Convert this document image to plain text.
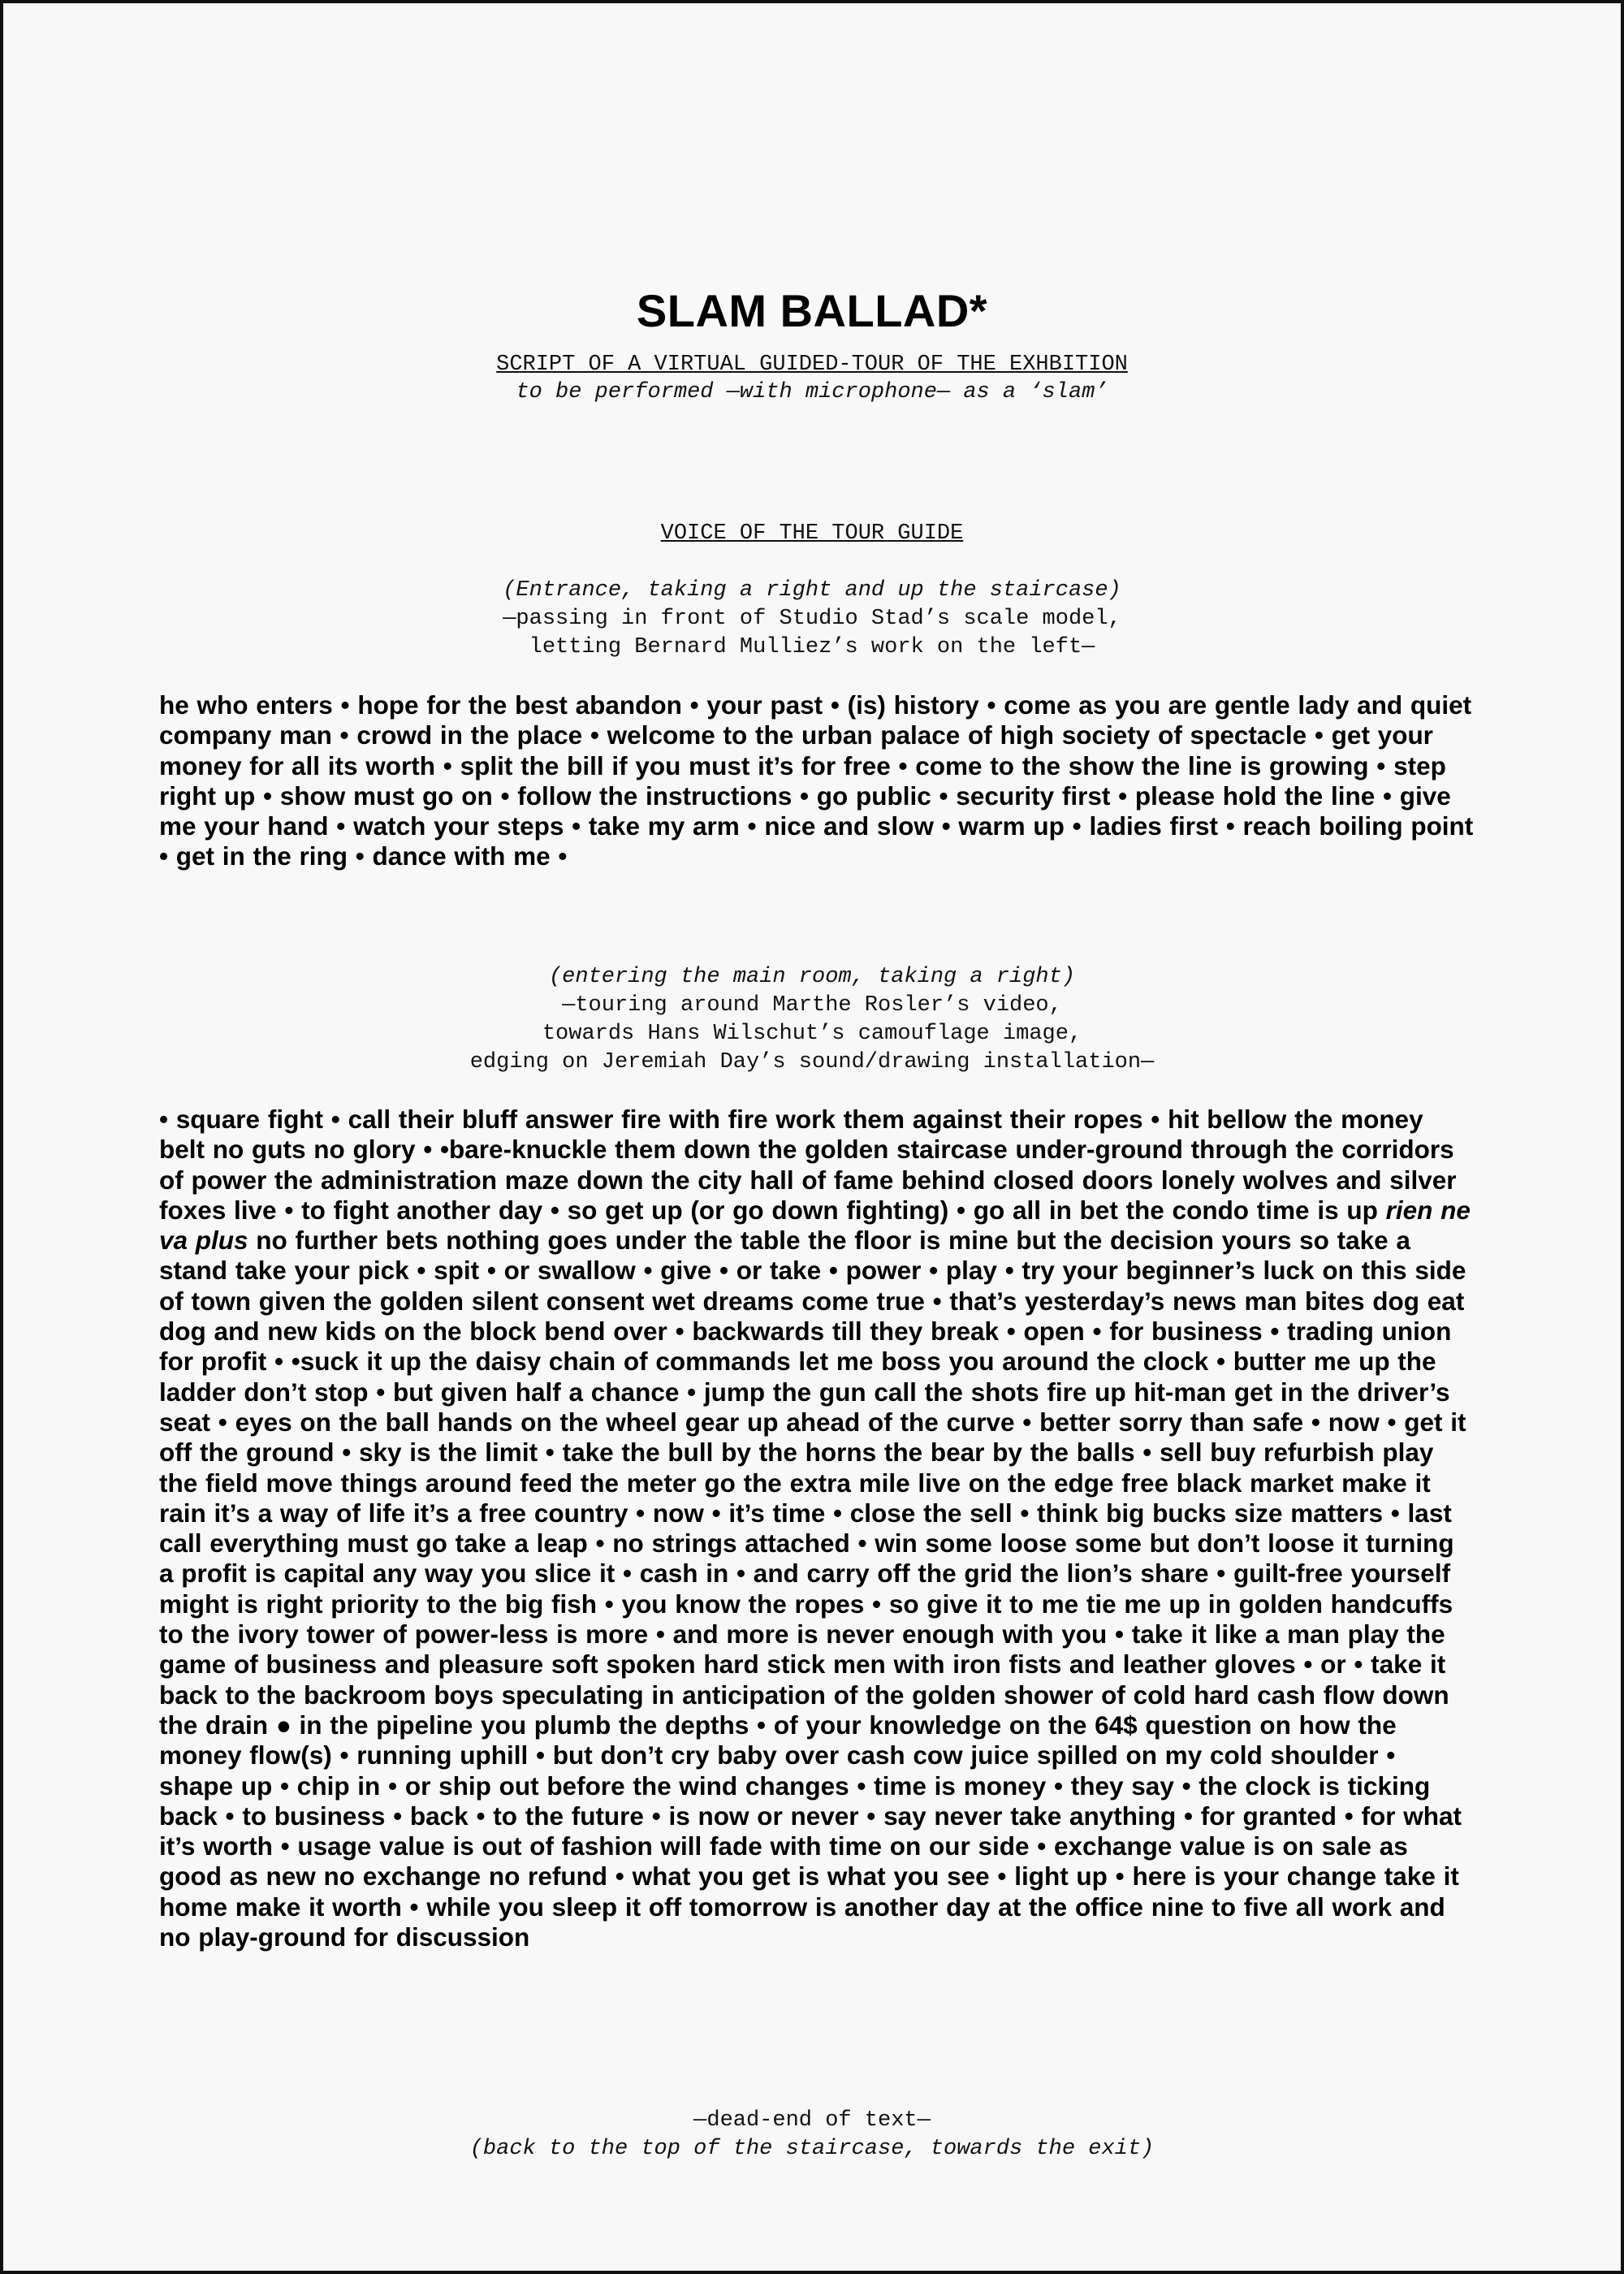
SLAM BALLAD*
SCRIPT OF A VIRTUAL GUIDED-TOUR OF THE EXHBITION
to be performed —with microphone— as a ‘slam’
VOICE OF THE TOUR GUIDE
(Entrance, taking a right and up the staircase)
—passing in front of Studio Stad’s scale model,
letting Bernard Mulliez’s work on the left—
he who enters • hope for the best abandon • your past • (is) history • come as you are gentle lady and quiet company man • crowd in the place • welcome to the urban palace of high society of spectacle • get your money for all its worth • split the bill if you must it’s for free • come to the show the line is growing • step right up • show must go on • follow the instructions • go public • security first • please hold the line • give me your hand • watch your steps • take my arm • nice and slow • warm up • ladies first • reach boiling point • get in the ring • dance with me •
(entering the main room, taking a right)
—touring around Marthe Rosler’s video,
towards Hans Wilschut’s camouflage image,
edging on Jeremiah Day’s sound/drawing installation—
• square fight • call their bluff answer fire with fire work them against their ropes • hit bellow the money belt no guts no glory • •bare-knuckle them down the golden staircase under-ground through the corridors of power the administration maze down the city hall of fame behind closed doors lonely wolves and silver foxes live • to fight another day • so get up (or go down fighting) • go all in bet the condo time is up rien ne va plus no further bets nothing goes under the table the floor is mine but the decision yours so take a stand take your pick • spit • or swallow • give • or take • power • play • try your beginner’s luck on this side of town given the golden silent consent wet dreams come true • that’s yesterday’s news man bites dog eat dog and new kids on the block bend over • backwards till they break • open • for business • trading union for profit • •suck it up the daisy chain of commands let me boss you around the clock • butter me up the ladder don’t stop • but given half a chance • jump the gun call the shots fire up hit-man get in the driver’s seat • eyes on the ball hands on the wheel gear up ahead of the curve • better sorry than safe • now • get it off the ground • sky is the limit • take the bull by the horns the bear by the balls • sell buy refurbish play the field move things around feed the meter go the extra mile live on the edge free black market make it rain it’s a way of life it’s a free country • now • it’s time • close the sell • think big bucks size matters • last call everything must go take a leap • no strings attached • win some loose some but don’t loose it turning a profit is capital any way you slice it • cash in • and carry off the grid the lion’s share • guilt-free yourself might is right priority to the big fish • you know the ropes • so give it to me tie me up in golden handcuffs to the ivory tower of power-less is more • and more is never enough with you • take it like a man play the game of business and pleasure soft spoken hard stick men with iron fists and leather gloves • or • take it back to the backroom boys speculating in anticipation of the golden shower of cold hard cash flow down the drain ● in the pipeline you plumb the depths • of your knowledge on the 64$ question on how the money flow(s) • running uphill • but don’t cry baby over cash cow juice spilled on my cold shoulder • shape up • chip in • or ship out before the wind changes • time is money • they say • the clock is ticking back • to business • back • to the future • is now or never • say never take anything • for granted • for what it’s worth • usage value is out of fashion will fade with time on our side • exchange value is on sale as good as new no exchange no refund • what you get is what you see • light up • here is your change take it home make it worth • while you sleep it off tomorrow is another day at the office nine to five all work and no play-ground for discussion
—dead-end of text—
(back to the top of the staircase, towards the exit)
